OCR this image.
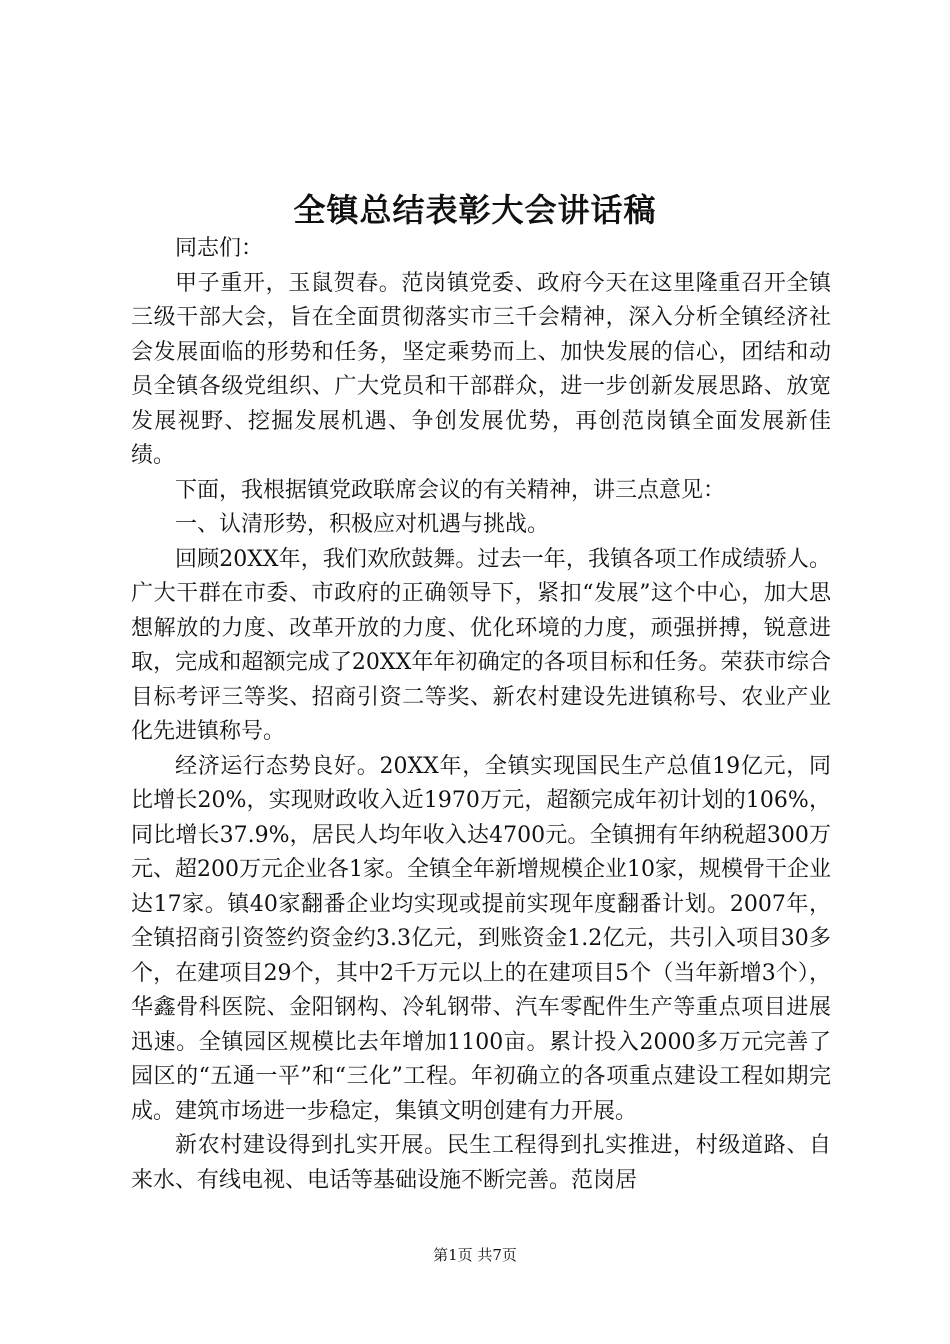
全镇总结表彰大会讲话稿

同志们：

甲子重开，玉鼠贺春。范岗镇党委、政府今天在这里隆重召开全镇三级干部大会，旨在全面贯彻落实市三千会精神，深入分析全镇经济社会发展面临的形势和任务，坚定乘势而上、加快发展的信心，团结和动员全镇各级党组织、广大党员和干部群众，进一步创新发展思路、放宽发展视野、挖掘发展机遇、争创发展优势，再创范岗镇全面发展新佳绩。

下面，我根据镇党政联席会议的有关精神，讲三点意见：

一、认清形势，积极应对机遇与挑战。

回顾20XX年，我们欢欣鼓舞。过去一年，我镇各项工作成绩骄人。广大干群在市委、市政府的正确领导下，紧扣“发展”这个中心，加大思想解放的力度、改革开放的力度、优化环境的力度，顽强拼搏，锐意进取，完成和超额完成了20XX年年初确定的各项目标和任务。荣获市综合目标考评三等奖、招商引资二等奖、新农村建设先进镇称号、农业产业化先进镇称号。

经济运行态势良好。20XX年，全镇实现国民生产总值19亿元，同比增长20%，实现财政收入近1970万元，超额完成年初计划的106%，同比增长37.9%，居民人均年收入达4700元。全镇拥有年纳税超300万元、超200万元企业各1家。全镇全年新增规模企业10家，规模骨干企业达17家。镇40家翻番企业均实现或提前实现年度翻番计划。2007年，全镇招商引资签约资金约3.3亿元，到账资金1.2亿元，共引入项目30多个，在建项目29个，其中2千万元以上的在建项目5个（当年新增3个），华鑫骨科医院、金阳钢构、冷轧钢带、汽车零配件生产等重点项目进展迅速。全镇园区规模比去年增加1100亩。累计投入2000多万元完善了园区的“五通一平”和“三化”工程。年初确立的各项重点建设工程如期完成。建筑市场进一步稳定，集镇文明创建有力开展。

新农村建设得到扎实开展。民生工程得到扎实推进，村级道路、自来水、有线电视、电话等基础设施不断完善。范岗居

第1页 共7页
